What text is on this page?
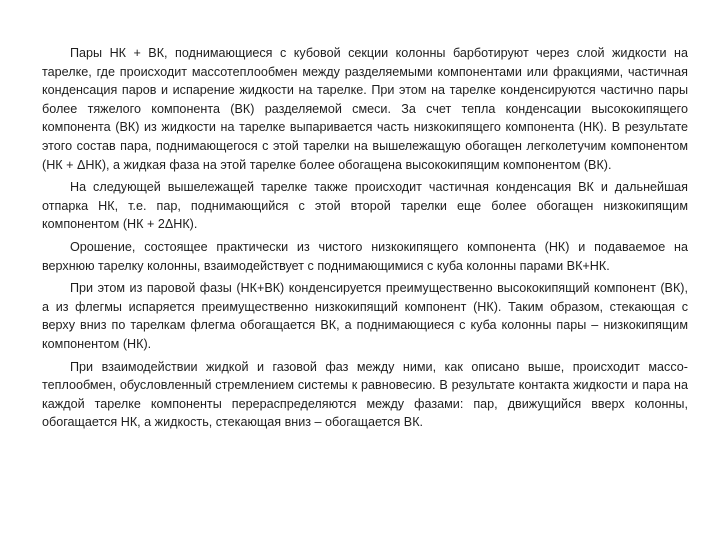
Пары НК + ВК, поднимающиеся с кубовой секции колонны барботируют через слой жидкости на тарелке, где происходит массотеплообмен между разделяемыми компонентами или фракциями, частичная конденсация паров и испарение жидкости на тарелке. При этом на тарелке конденсируются частично пары более тяжелого компонента (ВК) разделяемой смеси. За счет тепла конденсации высококипящего компонента (ВК) из жидкости на тарелке выпаривается часть низкокипящего компонента (НК). В результате этого состав пара, поднимающегося с этой тарелки на вышележащую обогащен легколетучим компонентом (НК + ΔНК), а жидкая фаза на этой тарелке более обогащена высококипящим компонентом (ВК).

На следующей вышележащей тарелке также происходит частичная конденсация ВК и дальнейшая отпарка НК, т.е. пар, поднимающийся с этой второй тарелки еще более обогащен низкокипящим компонентом (НК + 2ΔНК).

Орошение, состоящее практически из чистого низкокипящего компонента (НК) и подаваемое на верхнюю тарелку колонны, взаимодействует с поднимающимися с куба колонны парами ВК+НК.

При этом из паровой фазы (НК+ВК) конденсируется преимущественно высококипящий компонент (ВК), а из флегмы испаряется преимущественно низкокипящий компонент (НК). Таким образом, стекающая с верху вниз по тарелкам флегма обогащается ВК, а поднимающиеся с куба колонны пары – низкокипящим компонентом (НК).

При взаимодействии жидкой и газовой фаз между ними, как описано выше, происходит массо-теплообмен, обусловленный стремлением системы к равновесию. В результате контакта жидкости и пара на каждой тарелке компоненты перераспределяются между фазами: пар, движущийся вверх колонны, обогащается НК, а жидкость, стекающая вниз – обогащается ВК.
